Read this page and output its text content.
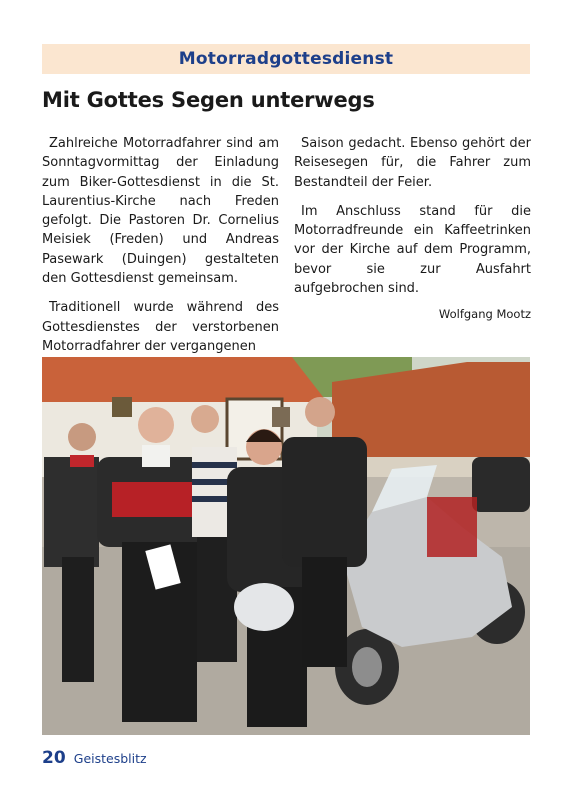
Motorradgottesdienst
Mit Gottes Segen unterwegs

Zahlreiche Motorradfahrer sind am Sonntagvormittag der Einladung zum Biker-Gottesdienst in die St. Laurentius-Kirche nach Freden gefolgt. Die Pastoren Dr. Cornelius Meisiek (Freden) und Andreas Pasewark (Duingen) gestalteten den Gottesdienst gemeinsam.

Traditionell wurde während des Gottesdienstes der verstorbenen Motorradfahrer der vergangenen

Saison gedacht. Ebenso gehört der Reisesegen für, die Fahrer zum Bestandteil der Feier.

Im Anschluss stand für die Motorradfreunde ein Kaffeetrinken vor der Kirche auf dem Programm, bevor sie zur Ausfahrt aufgebrochen sind.

Wolfgang Mootz

20 Geistesblitz
